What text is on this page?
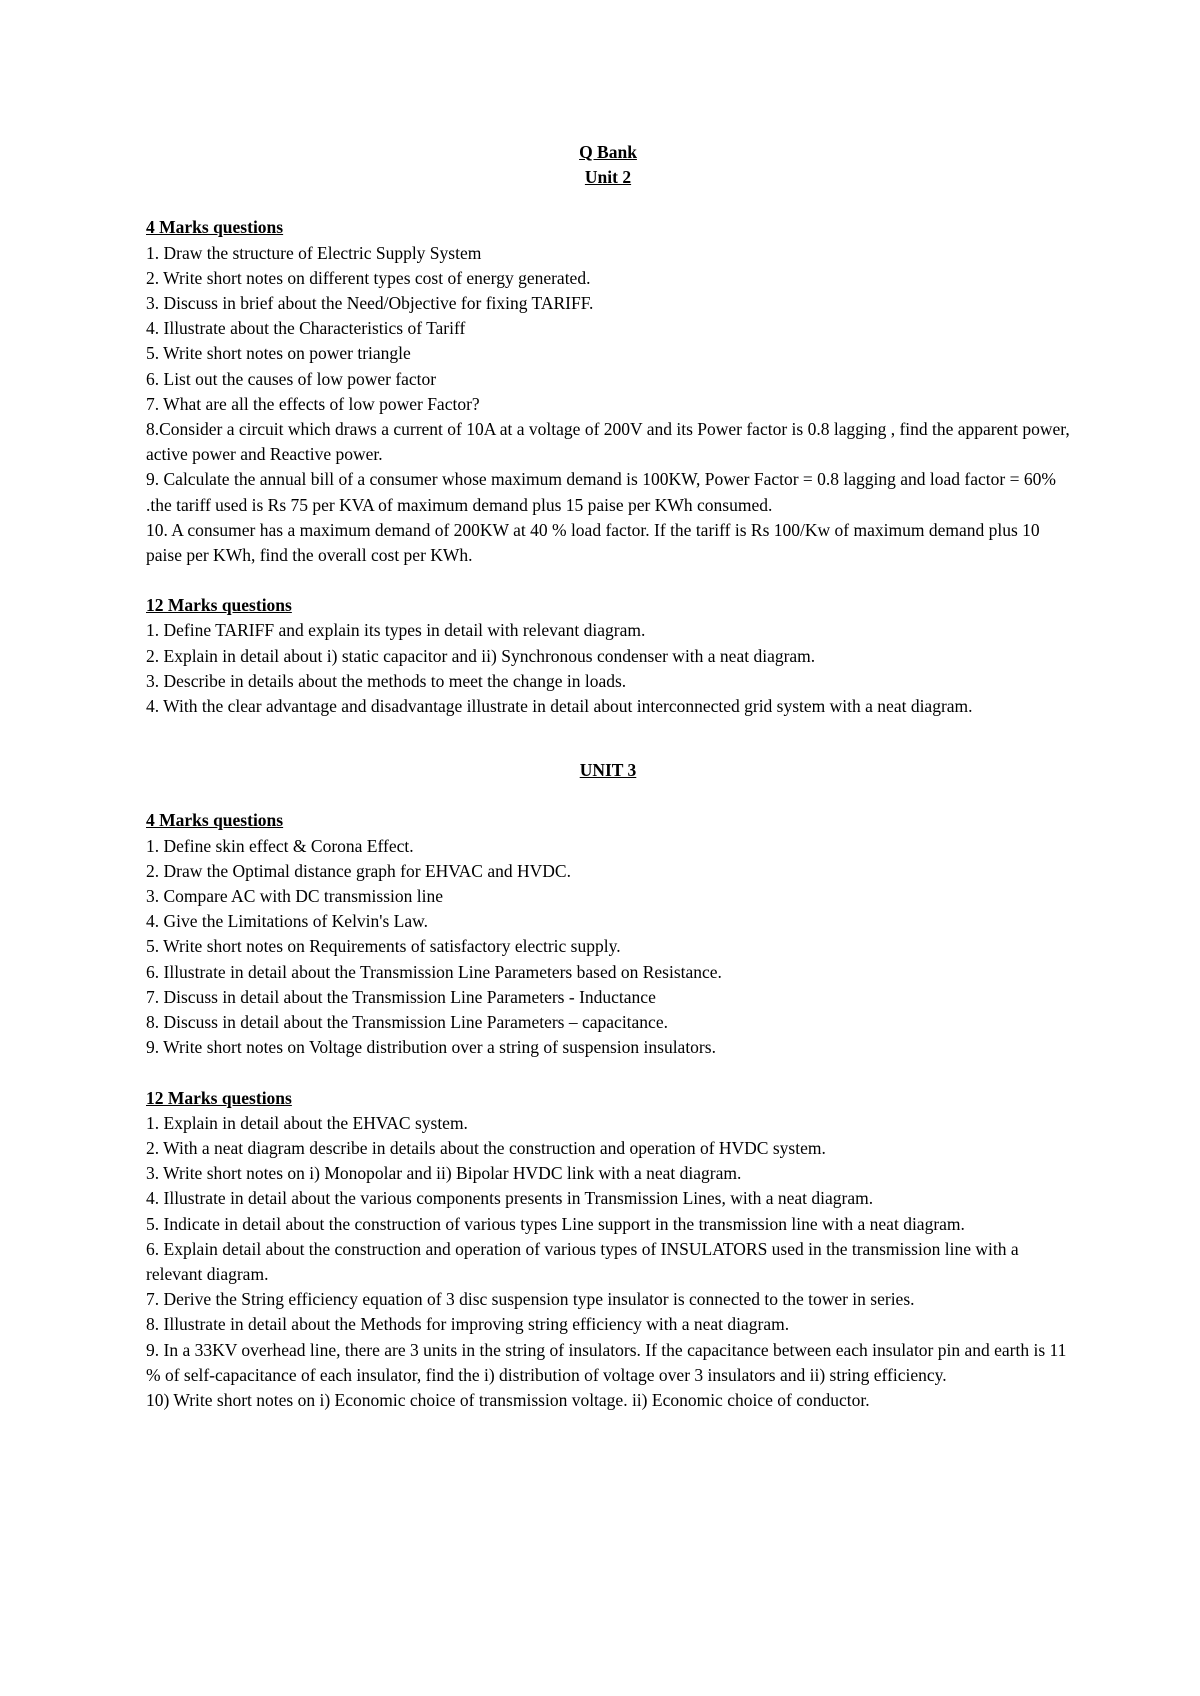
Q Bank

Unit 2

4 Marks questions

1. Draw the structure of Electric Supply System
2. Write short notes on different types cost of energy generated.
3. Discuss in brief about the Need/Objective for fixing TARIFF.
4. Illustrate about the Characteristics of Tariff
5. Write short notes on power triangle
6. List out the causes of low power factor
7. What are all the effects of low power Factor?
8.Consider a circuit which draws a current of 10A at a voltage of 200V and its Power factor is 0.8 lagging , find the apparent power, active power and Reactive power.
9. Calculate the annual bill of a consumer whose maximum demand is 100KW, Power Factor = 0.8 lagging and load factor = 60% .the tariff used is Rs 75 per KVA of maximum demand plus 15 paise per KWh consumed.
10. A consumer has a maximum demand of 200KW at 40 % load factor. If the tariff is Rs 100/Kw of maximum demand plus 10 paise per KWh, find the overall cost per KWh.

12 Marks questions

1. Define TARIFF and explain its types in detail with relevant diagram.
2. Explain in detail about i) static capacitor and ii) Synchronous condenser with a neat diagram.
3. Describe in details about the methods to meet the change in loads.
4. With the clear advantage and disadvantage illustrate in detail about interconnected grid system with a neat diagram.

UNIT 3

4 Marks questions

1. Define skin effect & Corona Effect.
2. Draw the Optimal distance graph for EHVAC and HVDC.
3. Compare AC with DC transmission line
4. Give the Limitations of Kelvin's Law.
5. Write short notes on Requirements of satisfactory electric supply.
6. Illustrate in detail about the Transmission Line Parameters based on Resistance.
7. Discuss in detail about the Transmission Line Parameters - Inductance
8. Discuss in detail about the Transmission Line Parameters – capacitance.
9. Write short notes on Voltage distribution over a string of suspension insulators.

12 Marks questions

1. Explain in detail about the EHVAC system.
2. With a neat diagram describe in details about the construction and operation of HVDC system.
3. Write short notes on i) Monopolar and ii) Bipolar HVDC link with a neat diagram.
4. Illustrate in detail about the various components presents in Transmission Lines, with a neat diagram.
5. Indicate in detail about the construction of various types Line support in the transmission line with a neat diagram.
6. Explain detail about the construction and operation of various types of INSULATORS used in the transmission line with a relevant diagram.
7. Derive the String efficiency equation of 3 disc suspension type insulator is connected to the tower in series.
8. Illustrate in detail about the Methods for improving string efficiency with a neat diagram.
9. In a 33KV overhead line, there are 3 units in the string of insulators. If the capacitance between each insulator pin and earth is 11 % of self-capacitance of each insulator, find the i) distribution of voltage over 3 insulators and ii) string efficiency.
10) Write short notes on i) Economic choice of transmission voltage. ii) Economic choice of conductor.
